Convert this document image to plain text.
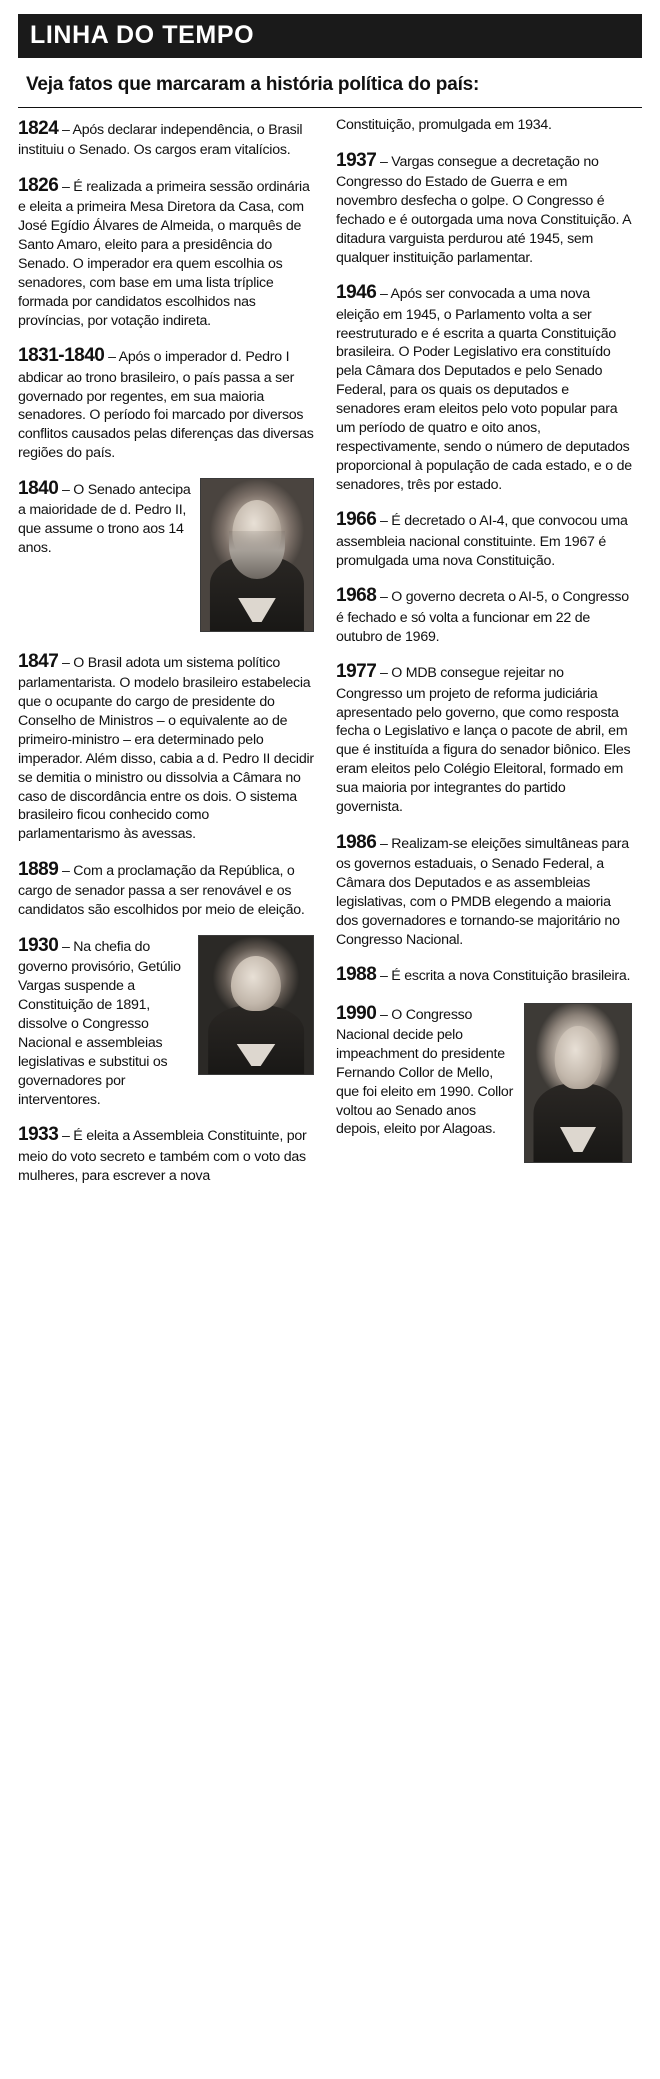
LINHA DO TEMPO
Veja fatos que marcaram a história política do país:
1824 – Após declarar independência, o Brasil instituiu o Senado. Os cargos eram vitalícios.
1826 – É realizada a primeira sessão ordinária e eleita a primeira Mesa Diretora da Casa, com José Egídio Álvares de Almeida, o marquês de Santo Amaro, eleito para a presidência do Senado. O imperador era quem escolhia os senadores, com base em uma lista tríplice formada por candidatos escolhidos nas províncias, por votação indireta.
1831-1840 – Após o imperador d. Pedro I abdicar ao trono brasileiro, o país passa a ser governado por regentes, em sua maioria senadores. O período foi marcado por diversos conflitos causados pelas diferenças das diversas regiões do país.
1840 – O Senado antecipa a maioridade de d. Pedro II, que assume o trono aos 14 anos.
1847 – O Brasil adota um sistema político parlamentarista. O modelo brasileiro estabelecia que o ocupante do cargo de presidente do Conselho de Ministros – o equivalente ao de primeiro-ministro – era determinado pelo imperador. Além disso, cabia a d. Pedro II decidir se demitia o ministro ou dissolvia a Câmara no caso de discordância entre os dois. O sistema brasileiro ficou conhecido como parlamentarismo às avessas.
1889 – Com a proclamação da República, o cargo de senador passa a ser renovável e os candidatos são escolhidos por meio de eleição.
1930 – Na chefia do governo provisório, Getúlio Vargas suspende a Constituição de 1891, dissolve o Congresso Nacional e assembleias legislativas e substitui os governadores por interventores.
1933 – É eleita a Assembleia Constituinte, por meio do voto secreto e também com o voto das mulheres, para escrever a nova
Constituição, promulgada em 1934.
1937 – Vargas consegue a decretação no Congresso do Estado de Guerra e em novembro desfecha o golpe. O Congresso é fechado e é outorgada uma nova Constituição. A ditadura varguista perdurou até 1945, sem qualquer instituição parlamentar.
1946 – Após ser convocada a uma nova eleição em 1945, o Parlamento volta a ser reestruturado e é escrita a quarta Constituição brasileira. O Poder Legislativo era constituído pela Câmara dos Deputados e pelo Senado Federal, para os quais os deputados e senadores eram eleitos pelo voto popular para um período de quatro e oito anos, respectivamente, sendo o número de deputados proporcional à população de cada estado, e o de senadores, três por estado.
1966 – É decretado o AI-4, que convocou uma assembleia nacional constituinte. Em 1967 é promulgada uma nova Constituição.
1968 – O governo decreta o AI-5, o Congresso é fechado e só volta a funcionar em 22 de outubro de 1969.
1977 – O MDB consegue rejeitar no Congresso um projeto de reforma judiciária apresentado pelo governo, que como resposta fecha o Legislativo e lança o pacote de abril, em que é instituída a figura do senador biônico. Eles eram eleitos pelo Colégio Eleitoral, formado em sua maioria por integrantes do partido governista.
1986 – Realizam-se eleições simultâneas para os governos estaduais, o Senado Federal, a Câmara dos Deputados e as assembleias legislativas, com o PMDB elegendo a maioria dos governadores e tornando-se majoritário no Congresso Nacional.
1988 – É escrita a nova Constituição brasileira.
1990 – O Congresso Nacional decide pelo impeachment do presidente Fernando Collor de Mello, que foi eleito em 1990. Collor voltou ao Senado anos depois, eleito por Alagoas.
